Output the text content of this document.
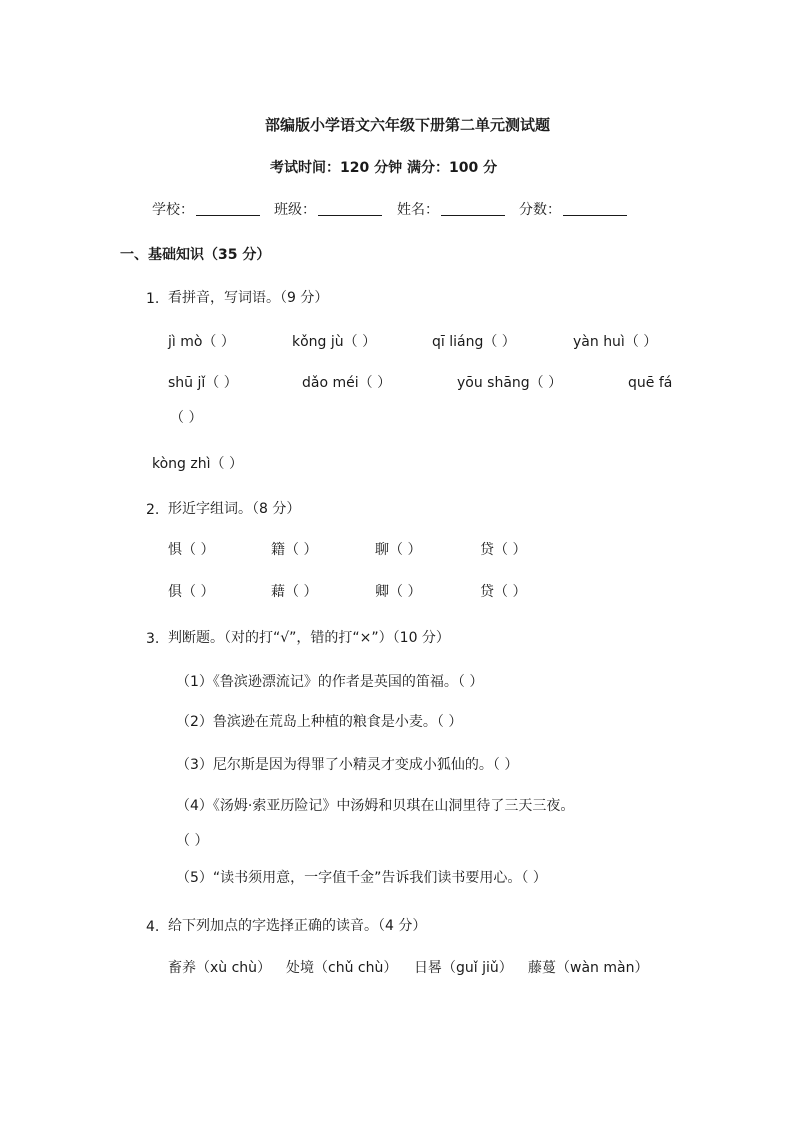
部编版小学语文六年级下册第二单元测试题
考试时间：120 分钟 满分：100 分
学校：	班级：	姓名：	分数：
一、基础知识（35 分）
1. 看拼音，写词语。（9 分）
jì mò（ ）	kǒng jù（ ）	qī liáng（ ）	yàn huì（ ）
shū jǐ（ ）	dǎo méi（ ）	yōu shāng（ ）	quē fá
（ ）
kòng zhì（ ）
2. 形近字组词。（8 分）
惧（ ）	籍（ ）	聊（ ）	贷（ ）
俱（ ）	藉（ ）	卿（ ）	贷（ ）
3. 判断题。（对的打“√”，错的打“×”）（10 分）
（1）《鲁滨逊漂流记》的作者是英国的笛福。（ ）
（2）鲁滨逊在荒岛上种植的粮食是小麦。（ ）
（3）尼尔斯是因为得罪了小精灵才变成小狐仙的。（ ）
（4）《汤姆·索亚历险记》中汤姆和贝琪在山洞里待了三天三夜。
（ ）
（5）“读书须用意，一字值千金”告诉我们读书要用心。（ ）
4. 给下列加点的字选择正确的读音。（4 分）
畜养（xù chù） 处境（chǔ chù） 日晷（guǐ jiǔ） 藤蔓（wàn màn）
